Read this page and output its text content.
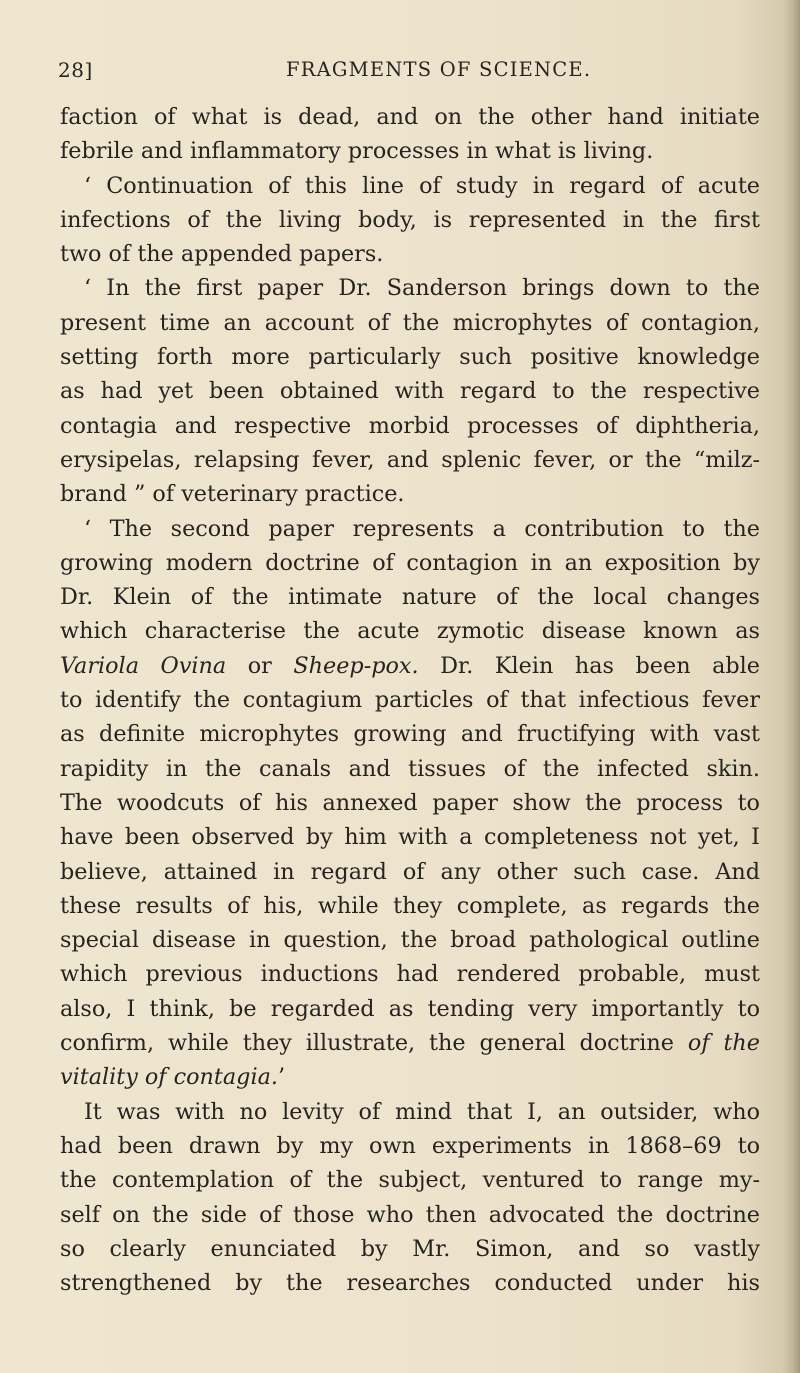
28]	FRAGMENTS OF SCIENCE.
faction of what is dead, and on the other hand initiate
febrile and inflammatory processes in what is living.
‘ Continuation of this line of study in regard of acute
infections of the living body, is represented in the first
two of the appended papers.
‘ In the first paper Dr. Sanderson brings down to the
present time an account of the microphytes of contagion,
setting forth more particularly such positive knowledge
as had yet been obtained with regard to the respective
contagia and respective morbid processes of diphtheria,
erysipelas, relapsing fever, and splenic fever, or the “milz-
brand ” of veterinary practice.
‘ The second paper represents a contribution to the
growing modern doctrine of contagion in an exposition by
Dr. Klein of the intimate nature of the local changes
which characterise the acute zymotic disease known as
Variola Ovina or Sheep-pox. Dr. Klein has been able
to identify the contagium particles of that infectious fever
as definite microphytes growing and fructifying with vast
rapidity in the canals and tissues of the infected skin.
The woodcuts of his annexed paper show the process to
have been observed by him with a completeness not yet, I
believe, attained in regard of any other such case. And
these results of his, while they complete, as regards the
special disease in question, the broad pathological outline
which previous inductions had rendered probable, must
also, I think, be regarded as tending very importantly to
confirm, while they illustrate, the general doctrine of the
vitality of contagia.’
It was with no levity of mind that I, an outsider, who
had been drawn by my own experiments in 1868–69 to
the contemplation of the subject, ventured to range my-
self on the side of those who then advocated the doctrine
so clearly enunciated by Mr. Simon, and so vastly
strengthened by the researches conducted under his
